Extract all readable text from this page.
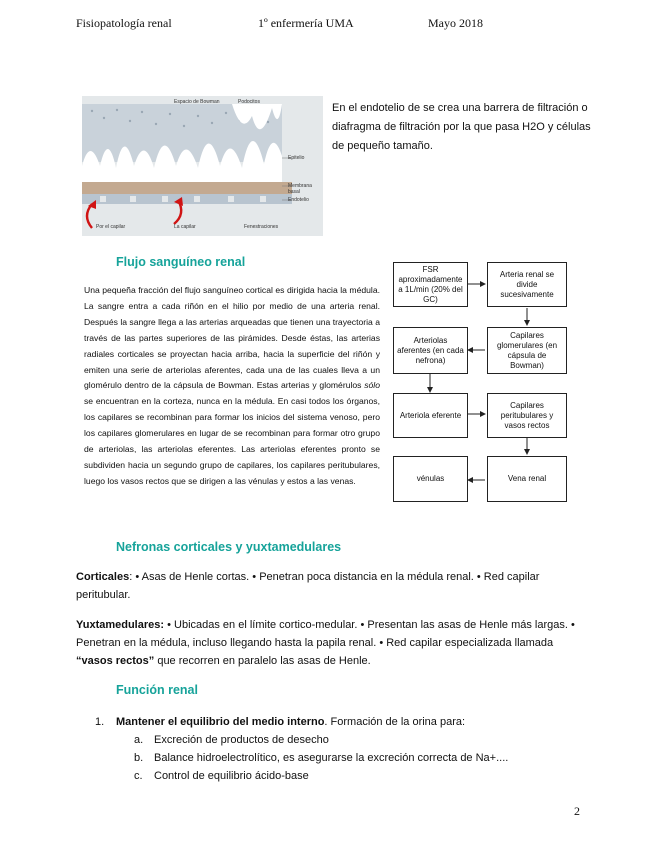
Fisiopatología renal	1º enfermería UMA	Mayo 2018
Espacio de Bowman	Podocitos
Epitelio
Membrana basal
Endotelio
Por el capilar	La capilar	Fenestraciones
En el endotelio de se crea una barrera de filtración o diafragma de filtración por la que pasa H2O y células de pequeño tamaño.
Flujo sanguíneo renal
Una pequeña fracción del flujo sanguíneo cortical es dirigida hacia la médula. La sangre entra a cada riñón en el hilio por medio de una arteria renal. Después la sangre llega a las arterias arqueadas que tienen una trayectoria a través de las partes superiores de las pirámides. Desde éstas, las arterias radiales corticales se proyectan hacia arriba, hacia la superficie del riñón y emiten una serie de arteriolas aferentes, cada una de las cuales lleva a un glomérulo dentro de la cápsula de Bowman. Estas arterias y glomérulos sólo se encuentran en la corteza, nunca en la médula. En casi todos los órganos, los capilares se recombinan para formar los inicios del sistema venoso, pero los capilares glomerulares en lugar de se recombinan para formar otro grupo de arteriolas, las arteriolas eferentes. Las arteriolas eferentes pronto se subdividen hacia un segundo grupo de capilares, los capilares peritubulares, luego los vasos rectos que se dirigen a las vénulas y estos a las venas.
FSR aproximadamente a 1L/min (20% del GC)
Arteria renal se divide sucesivamente
Arteriolas aferentes (en cada nefrona)
Capilares glomerulares (en cápsula de Bowman)
Arteriola eferente
Capilares peritubulares y vasos rectos
vénulas	Vena renal
Nefronas corticales y yuxtamedulares
Corticales: • Asas de Henle cortas. • Penetran poca distancia en la médula renal. • Red capilar peritubular.
Yuxtamedulares: • Ubicadas en el límite cortico-medular. • Presentan las asas de Henle más largas. • Penetran en la médula, incluso llegando hasta la papila renal. • Red capilar especializada llamada “vasos rectos” que recorren en paralelo las asas de Henle.
Función renal
1. Mantener el equilibrio del medio interno. Formación de la orina para:
a. Excreción de productos de desecho
b. Balance hidroelectrolítico, es asegurarse la excreción correcta de Na+....
c. Control de equilibrio ácido-base
2
